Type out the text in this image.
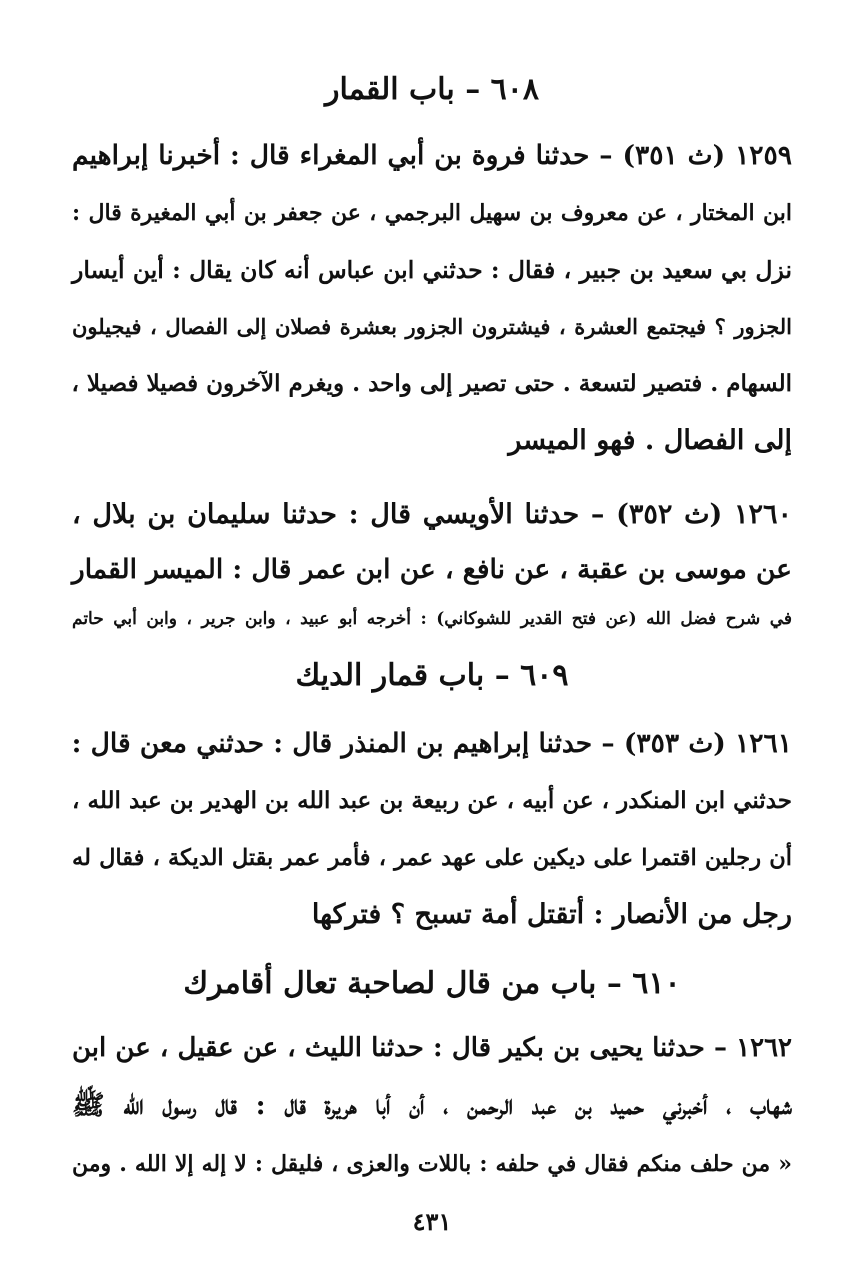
٦٠٨ – باب القمار
١٢٥٩ (ث ٣٥١) – حدثنا فروة بن أبي المغراء قال : أخبرنا إبراهيم
ابن المختار ، عن معروف بن سهيل البرجمي ، عن جعفر بن أبي المغيرة قال :
نزل بي سعيد بن جبير ، فقال : حدثني ابن عباس أنه كان يقال : أين أيسار
الجزور ؟ فيجتمع العشرة ، فيشترون الجزور بعشرة فصلان إلى الفصال ، فيجيلون
السهام . فتصير لتسعة . حتى تصير إلى واحد . ويغرم الآخرون فصيلا فصيلا ،
إلى الفصال . فهو الميسر
١٢٦٠ (ث ٣٥٢) – حدثنا الأويسي قال : حدثنا سليمان بن بلال ،
عن موسى بن عقبة ، عن نافع ، عن ابن عمر قال : الميسر القمار
في شرح فضل الله (عن فتح القدير للشوكاني) : أخرجه أبو عبيد ، وابن جرير ، وابن أبي حاتم
٦٠٩ – باب قمار الديك
١٢٦١ (ث ٣٥٣) – حدثنا إبراهيم بن المنذر قال : حدثني معن قال :
حدثني ابن المنكدر ، عن أبيه ، عن ربيعة بن عبد الله بن الهدير بن عبد الله ،
أن رجلين اقتمرا على ديكين على عهد عمر ، فأمر عمر بقتل الديكة ، فقال له
رجل من الأنصار : أتقتل أمة تسبح ؟ فتركها
٦١٠ – باب من قال لصاحبة تعال أقامرك
١٢٦٢ – حدثنا يحيى بن بكير قال : حدثنا الليث ، عن عقيل ، عن ابن
شهاب ، أخبرني حميد بن عبد الرحمن ، أن أبا هريرة قال : قال رسول الله ﷺ
« من حلف منكم فقال في حلفه : باللات والعزى ، فليقل : لا إله إلا الله . ومن
٤٣١
